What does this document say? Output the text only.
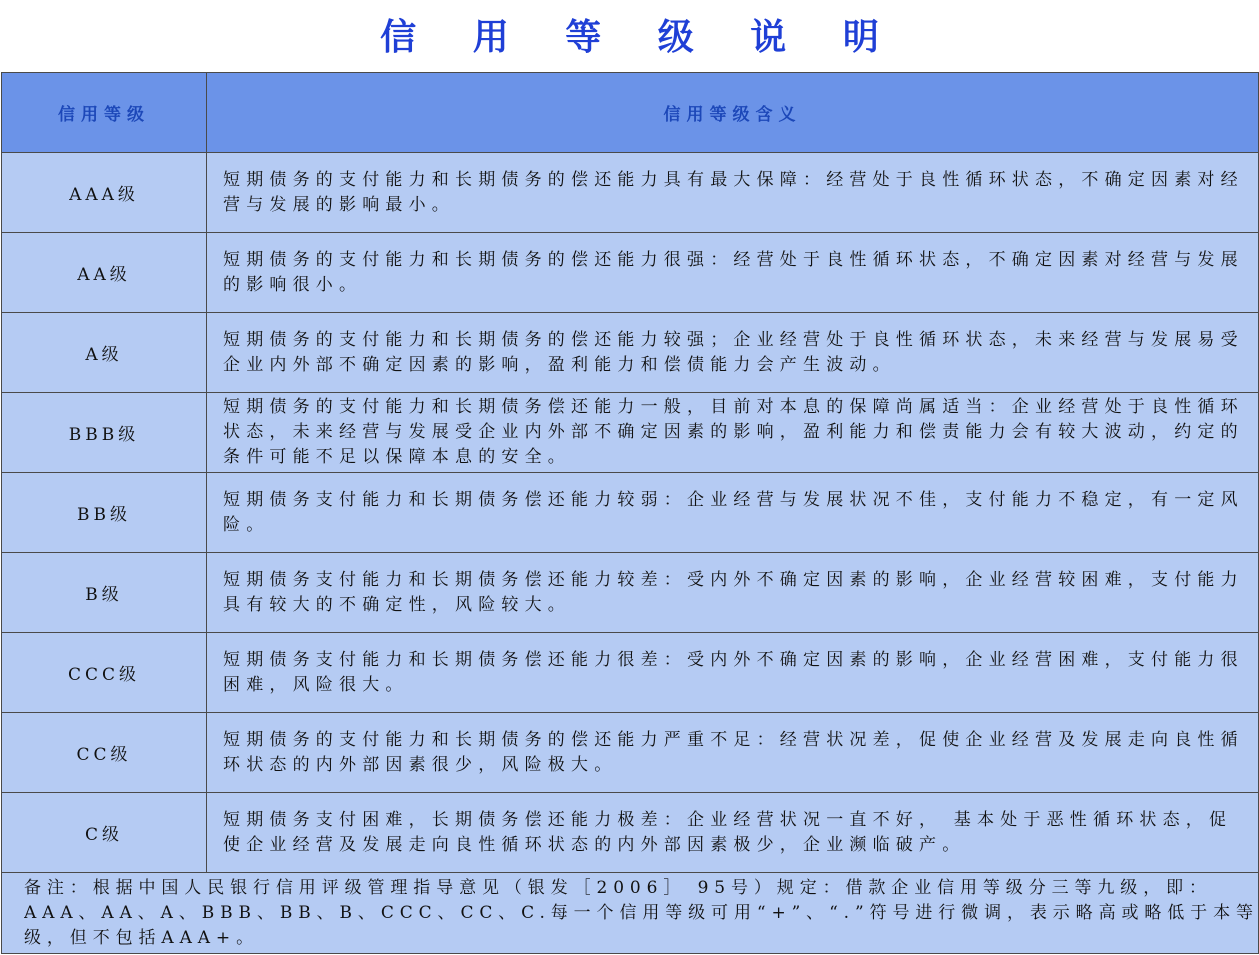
信 用 等 级 说 明
信用等级	信用等级含义
AAA级	短期债务的支付能力和长期债务的偿还能力具有最大保障：经营处于良性循环状态，不确定因素对经营与发展的影响最小。
AA级	短期债务的支付能力和长期债务的偿还能力很强：经营处于良性循环状态，不确定因素对经营与发展的影响很小。
A级	短期债务的支付能力和长期债务的偿还能力较强；企业经营处于良性循环状态，未来经营与发展易受企业内外部不确定因素的影响，盈利能力和偿债能力会产生波动。
BBB级	短期债务的支付能力和长期债务偿还能力一般，目前对本息的保障尚属适当：企业经营处于良性循环状态，未来经营与发展受企业内外部不确定因素的影响，盈利能力和偿责能力会有较大波动，约定的条件可能不足以保障本息的安全。
BB级	短期债务支付能力和长期债务偿还能力较弱：企业经营与发展状况不佳，支付能力不稳定，有一定风险。
B级	短期债务支付能力和长期债务偿还能力较差：受内外不确定因素的影响，企业经营较困难，支付能力具有较大的不确定性，风险较大。
CCC级	短期债务支付能力和长期债务偿还能力很差：受内外不确定因素的影响，企业经营困难，支付能力很困难，风险很大。
CC级	短期债务的支付能力和长期债务的偿还能力严重不足：经营状况差，促使企业经营及发展走向良性循环状态的内外部因素很少，风险极大。
C级	短期债务支付困难，长期债务偿还能力极差：企业经营状况一直不好， 基本处于恶性循环状态，促使企业经营及发展走向良性循环状态的内外部因素极少，企业濒临破产。

备注：根据中国人民银行信用评级管理指导意见（银发［2006］ 95号）规定：借款企业信用等级分三等九级，即： AAA、AA、A、BBB、BB、B、CCC、CC、C.每一个信用等级可用“+”、“.”符号进行微调，表示略高或略低于本等级，但不包括AAA+。	
